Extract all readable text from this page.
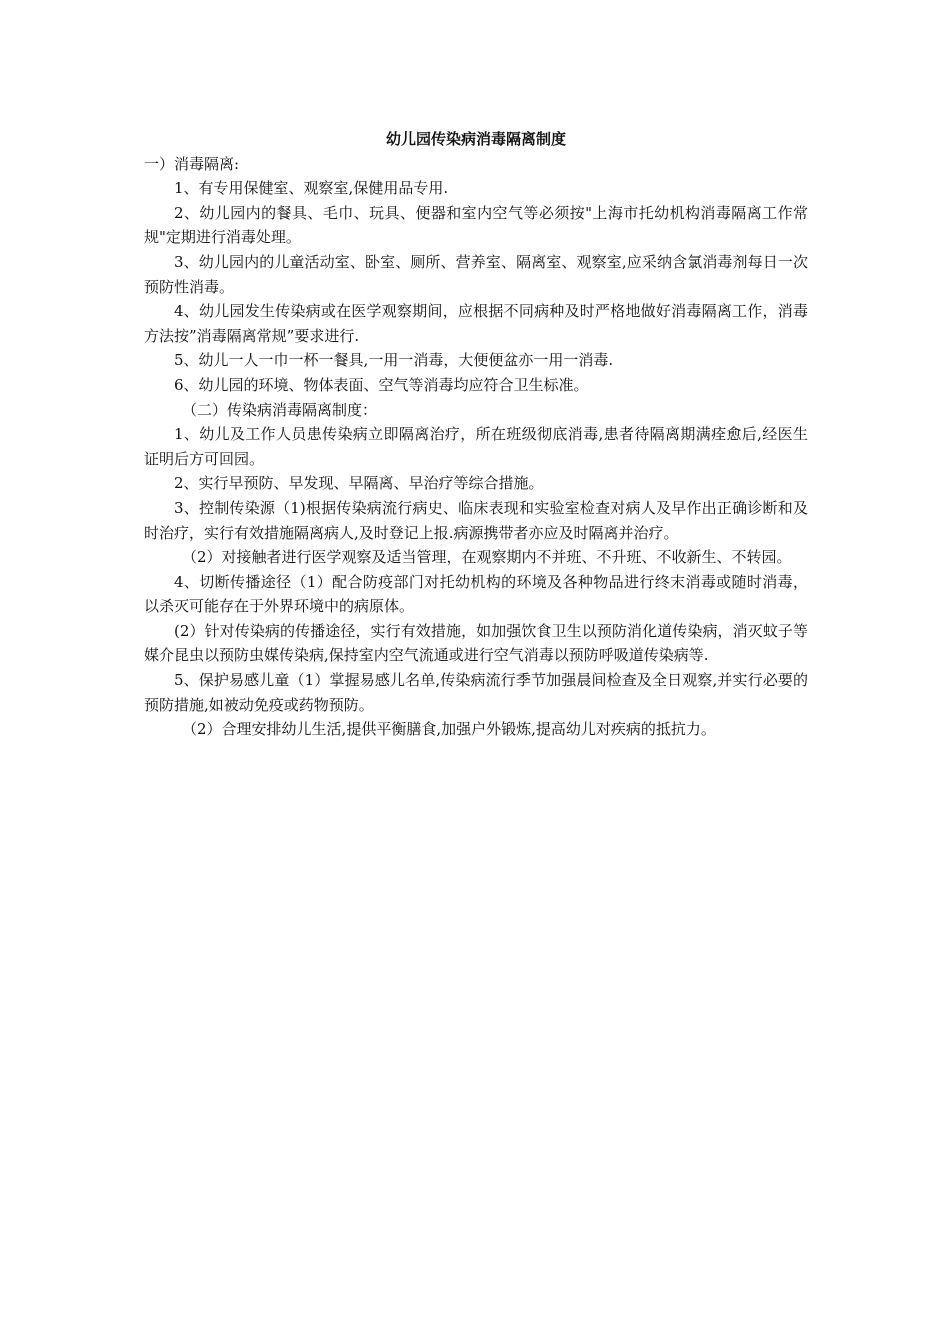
幼儿园传染病消毒隔离制度

一）消毒隔离:

1、有专用保健室、观察室,保健用品专用.

2、幼儿园内的餐具、毛巾、玩具、便器和室内空气等必须按"上海市托幼机构消毒隔离工作常规"定期进行消毒处理。

3、幼儿园内的儿童活动室、卧室、厕所、营养室、隔离室、观察室,应采纳含氯消毒剂每日一次预防性消毒。

4、幼儿园发生传染病或在医学观察期间，应根据不同病种及时严格地做好消毒隔离工作，消毒方法按”消毒隔离常规”要求进行.

5、幼儿一人一巾一杯一餐具,一用一消毒，大便便盆亦一用一消毒.

6、幼儿园的环境、物体表面、空气等消毒均应符合卫生标准。

（二）传染病消毒隔离制度：

1、幼儿及工作人员患传染病立即隔离治疗，所在班级彻底消毒,患者待隔离期满痊愈后,经医生证明后方可回园。

2、实行早预防、早发现、早隔离、早治疗等综合措施。

3、控制传染源（1)根据传染病流行病史、临床表现和实验室检查对病人及早作出正确诊断和及时治疗，实行有效措施隔离病人,及时登记上报.病源携带者亦应及时隔离并治疗。

（2）对接触者进行医学观察及适当管理，在观察期内不并班、不升班、不收新生、不转园。

4、切断传播途径（1）配合防疫部门对托幼机构的环境及各种物品进行终末消毒或随时消毒，以杀灭可能存在于外界环境中的病原体。

(2）针对传染病的传播途径，实行有效措施，如加强饮食卫生以预防消化道传染病，消灭蚊子等媒介昆虫以预防虫媒传染病,保持室内空气流通或进行空气消毒以预防呼吸道传染病等.

5、保护易感儿童（1）掌握易感儿名单,传染病流行季节加强晨间检查及全日观察,并实行必要的预防措施,如被动免疫或药物预防。

（2）合理安排幼儿生活,提供平衡膳食,加强户外锻炼,提高幼儿对疾病的抵抗力。
